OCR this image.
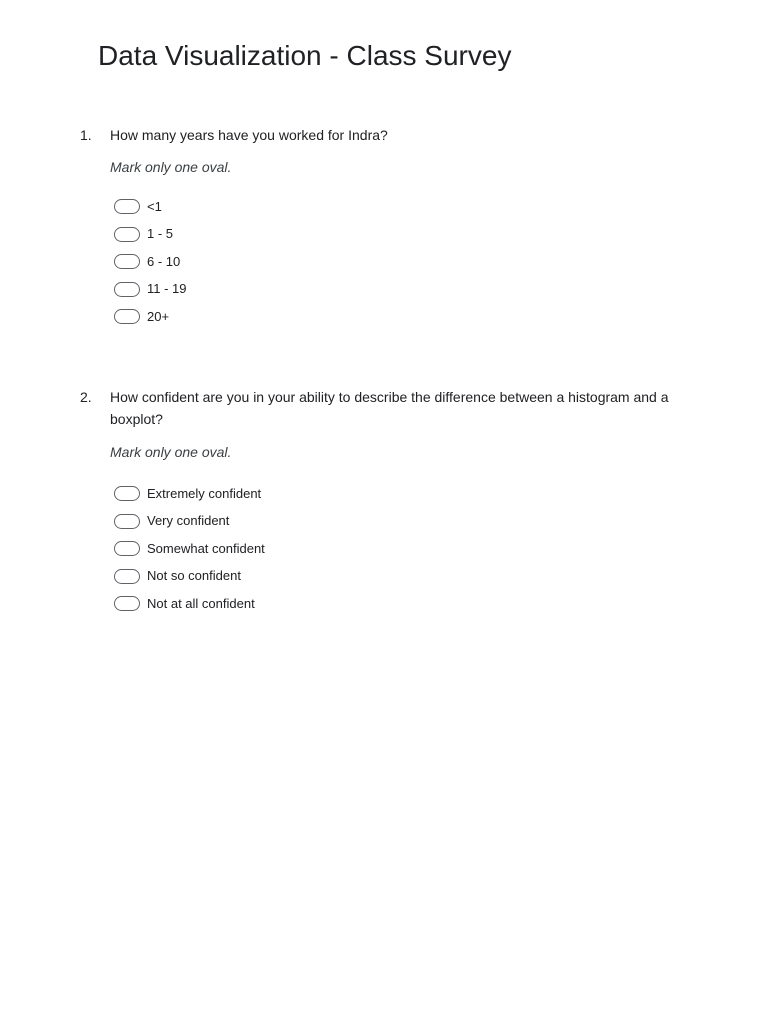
Data Visualization - Class Survey
1.	How many years have you worked for Indra?
Mark only one oval.
<1
1 - 5
6 - 10
11 - 19
20+
2.	How confident are you in your ability to describe the difference between a histogram and a boxplot?
Mark only one oval.
Extremely confident
Very confident
Somewhat confident
Not so confident
Not at all confident
